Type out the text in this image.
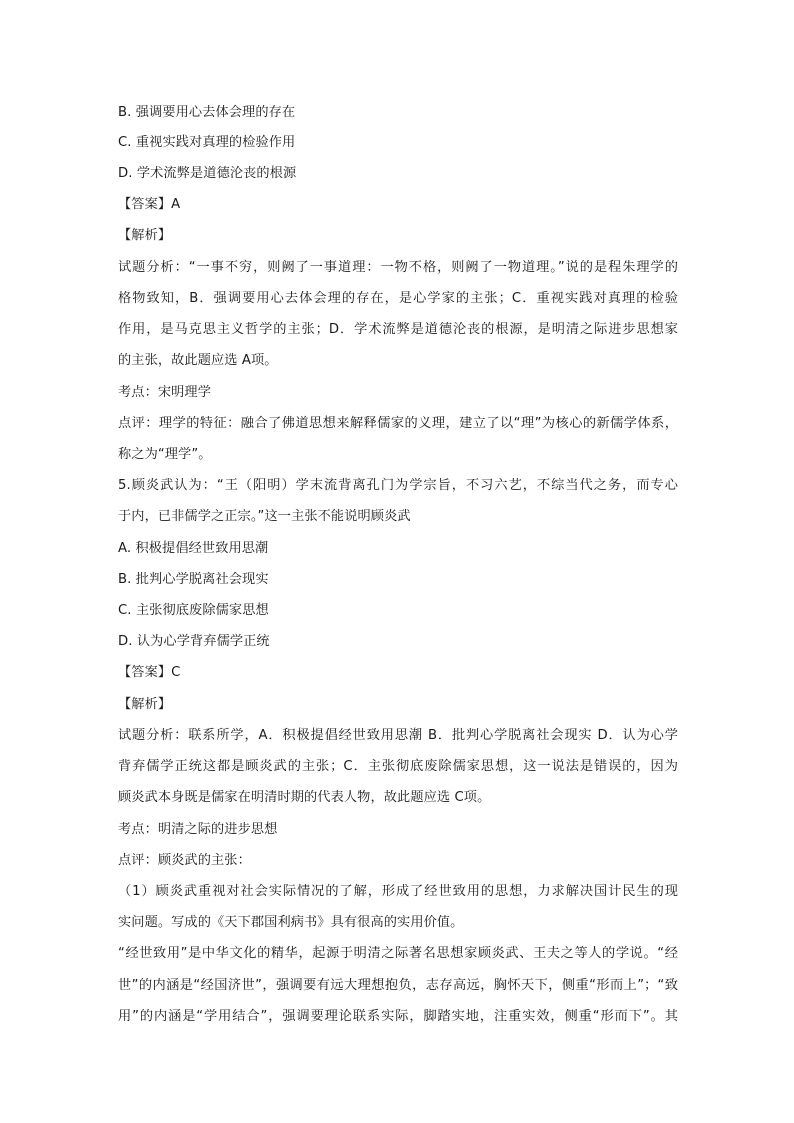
B. 强调要用心去体会理的存在
C. 重视实践对真理的检验作用
D. 学术流弊是道德沦丧的根源
【答案】A
【解析】
试题分析：“一事不穷，则阙了一事道理：一物不格，则阙了一物道理。”说的是程朱理学的
格物致知，B．强调要用心去体会理的存在，是心学家的主张；C．重视实践对真理的检验
作用，是马克思主义哲学的主张；D．学术流弊是道德沦丧的根源，是明清之际进步思想家
的主张，故此题应选 A项。
考点：宋明理学
点评：理学的特征：融合了佛道思想来解释儒家的义理，建立了以“理”为核心的新儒学体系，
称之为“理学”。
5.顾炎武认为：“王（阳明）学末流背离孔门为学宗旨，不习六艺，不综当代之务，而专心
于内，已非儒学之正宗。”这一主张不能说明顾炎武
A. 积极提倡经世致用思潮
B. 批判心学脱离社会现实
C. 主张彻底废除儒家思想
D. 认为心学背弃儒学正统
【答案】C
【解析】
试题分析：联系所学，A．积极提倡经世致用思潮 B．批判心学脱离社会现实 D．认为心学
背弃儒学正统这都是顾炎武的主张；C．主张彻底废除儒家思想，这一说法是错误的，因为
顾炎武本身既是儒家在明清时期的代表人物，故此题应选 C项。
考点：明清之际的进步思想
点评：顾炎武的主张：
（1）顾炎武重视对社会实际情况的了解，形成了经世致用的思想，力求解决国计民生的现
实问题。写成的《天下郡国利病书》具有很高的实用价值。
“经世致用”是中华文化的精华，起源于明清之际著名思想家顾炎武、王夫之等人的学说。“经
世”的内涵是“经国济世”，强调要有远大理想抱负，志存高远，胸怀天下，侧重“形而上”；“致
用”的内涵是“学用结合”，强调要理论联系实际，脚踏实地，注重实效，侧重“形而下”。其
